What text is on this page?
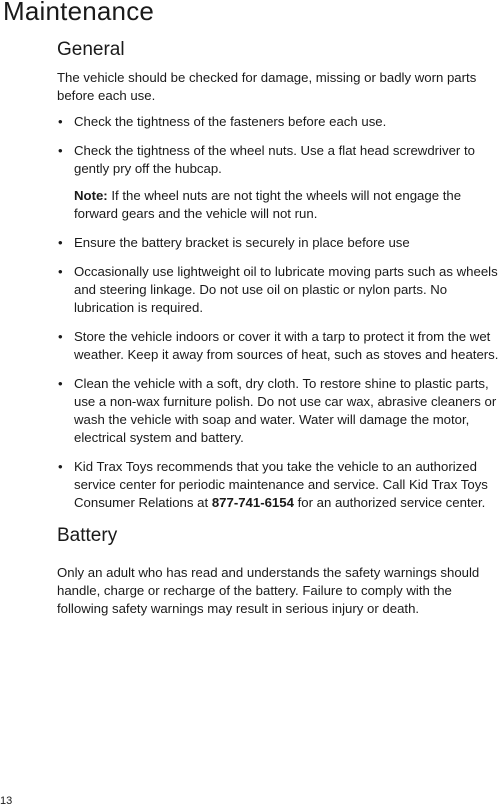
Maintenance
General

The vehicle should be checked for damage, missing or badly worn parts before each use.

• Check the tightness of the fasteners before each use.
• Check the tightness of the wheel nuts. Use a flat head screwdriver to gently pry off the hubcap.

Note: If the wheel nuts are not tight the wheels will not engage the forward gears and the vehicle will not run.

• Ensure the battery bracket is securely in place before use
• Occasionally use lightweight oil to lubricate moving parts such as wheels and steering linkage. Do not use oil on plastic or nylon parts. No lubrication is required.
• Store the vehicle indoors or cover it with a tarp to protect it from the wet weather. Keep it away from sources of heat, such as stoves and heaters.
• Clean the vehicle with a soft, dry cloth. To restore shine to plastic parts, use a non-wax furniture polish. Do not use car wax, abrasive cleaners or wash the vehicle with soap and water. Water will damage the motor, electrical system and battery.
• Kid Trax Toys recommends that you take the vehicle to an authorized service center for periodic maintenance and service. Call Kid Trax Toys Consumer Relations at 877-741-6154 for an authorized service center.
Battery

Only an adult who has read and understands the safety warnings should handle, charge or recharge of the battery. Failure to comply with the following safety warnings may result in serious injury or death.

13
